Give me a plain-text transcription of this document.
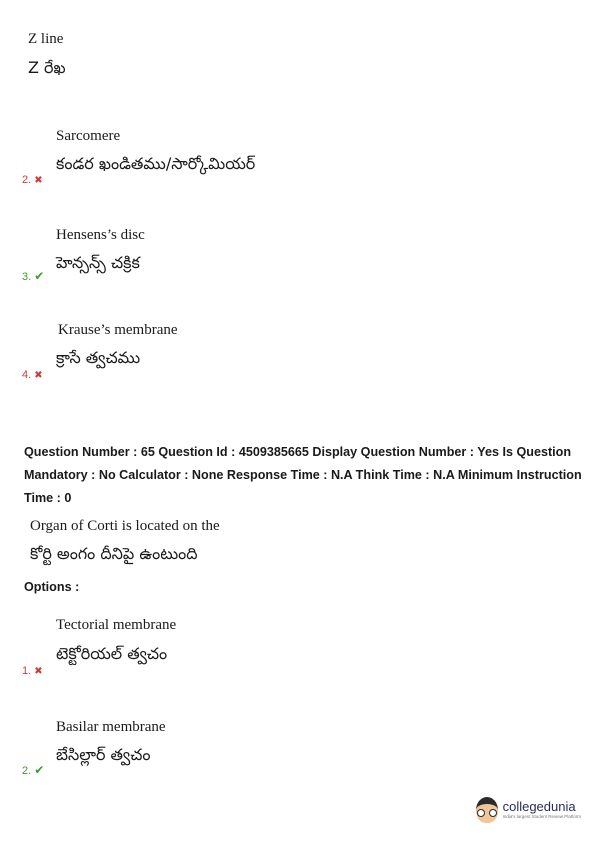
Z line
Z రేఖ
Sarcomere
కండర ఖండితము/సార్కోమియర్
2. ✖
Hensens’s disc
హెన్సన్స్ చక్రిక
3. ✔
Krause’s membrane
క్రాసే త్వచము
4. ✖
Question Number : 65 Question Id : 4509385665 Display Question Number : Yes Is Question Mandatory : No Calculator : None Response Time : N.A Think Time : N.A Minimum Instruction Time : 0
Organ of Corti is located on the
కోర్టి అంగం దీనిపై ఉంటుంది
Options :
Tectorial membrane
టెక్టోరియల్ త్వచం
1. ✖
Basilar membrane
బేసిల్లార్ త్వచం
2. ✔
collegedunia
India's largest Student Review Platform
